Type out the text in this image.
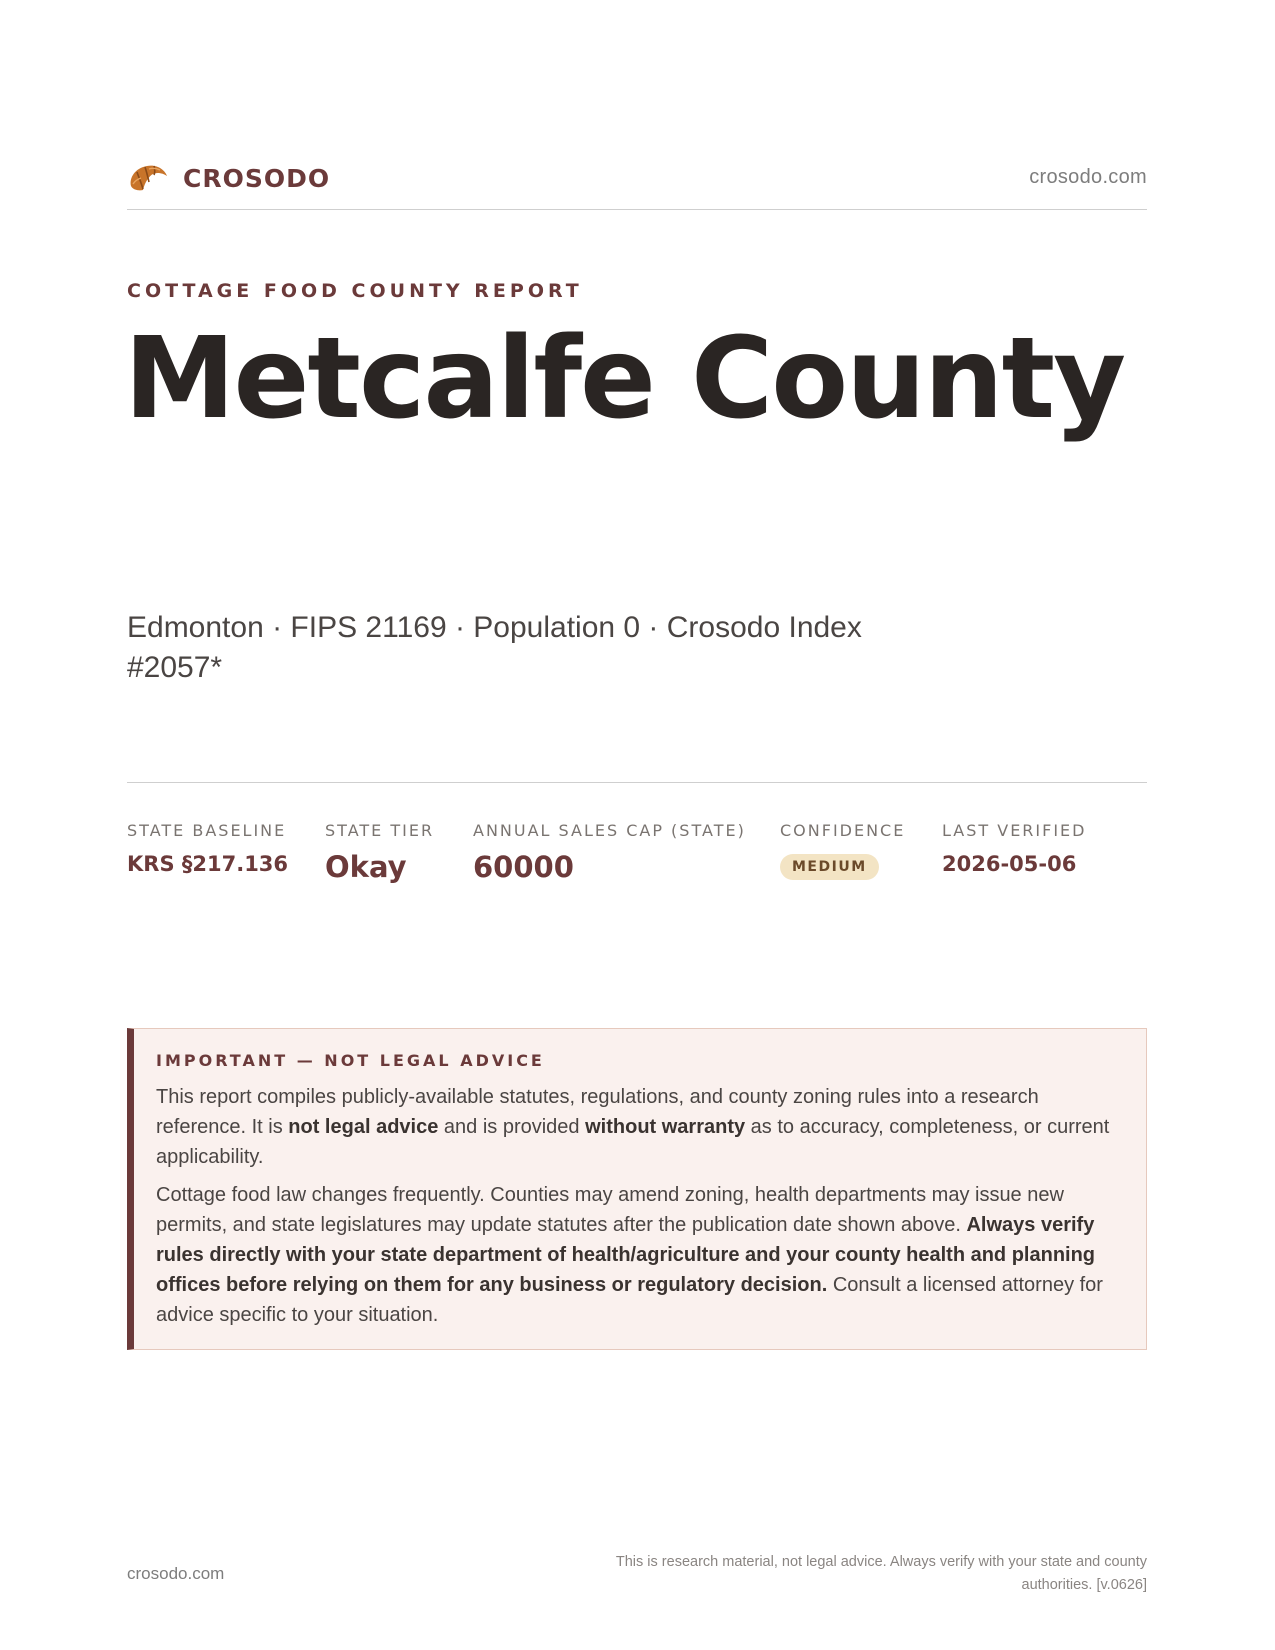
CROSODO	crosodo.com
COTTAGE FOOD COUNTY REPORT
Metcalfe County
Edmonton · FIPS 21169 · Population 0 · Crosodo Index #2057*
STATE BASELINE
KRS §217.136
STATE TIER
Okay
ANNUAL SALES CAP (STATE)
60000
CONFIDENCE
MEDIUM
LAST VERIFIED
2026-05-06
IMPORTANT — NOT LEGAL ADVICE

This report compiles publicly-available statutes, regulations, and county zoning rules into a research reference. It is not legal advice and is provided without warranty as to accuracy, completeness, or current applicability.

Cottage food law changes frequently. Counties may amend zoning, health departments may issue new permits, and state legislatures may update statutes after the publication date shown above. Always verify rules directly with your state department of health/agriculture and your county health and planning offices before relying on them for any business or regulatory decision. Consult a licensed attorney for advice specific to your situation.

crosodo.com
This is research material, not legal advice. Always verify with your state and county authorities. [v.0626]
